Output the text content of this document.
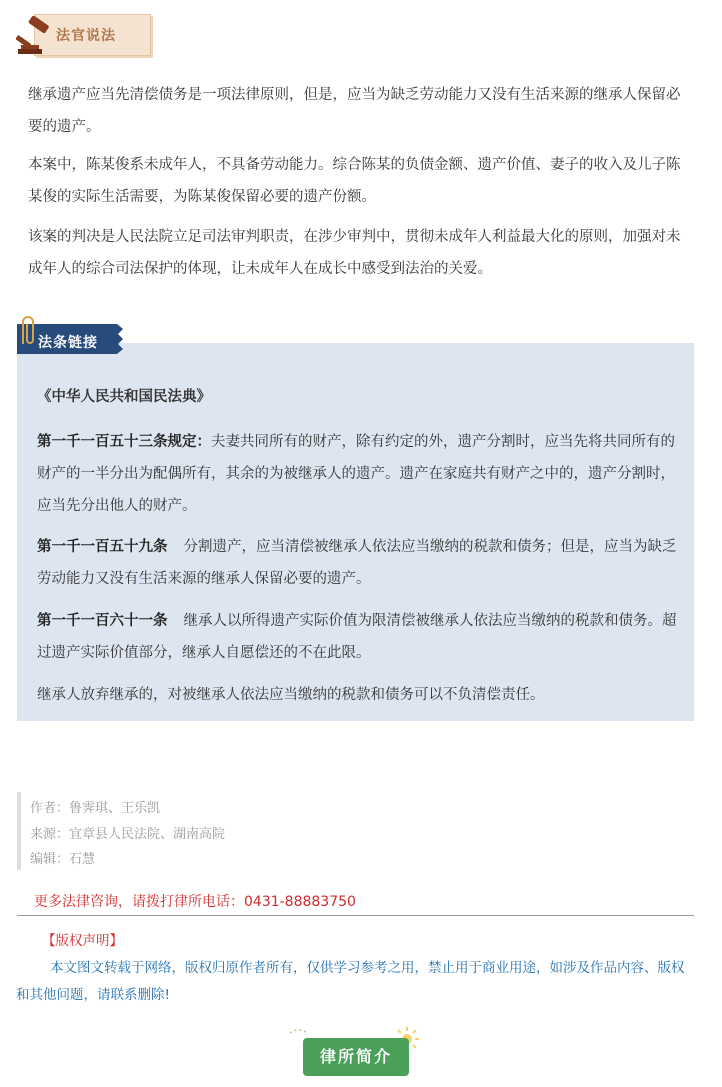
法官说法

继承遗产应当先清偿债务是一项法律原则，但是，应当为缺乏劳动能力又没有生活来源的继承人保留必要的遗产。

本案中，陈某俊系未成年人，不具备劳动能力。综合陈某的负债金额、遗产价值、妻子的收入及儿子陈某俊的实际生活需要，为陈某俊保留必要的遗产份额。

该案的判决是人民法院立足司法审判职责，在涉少审判中，贯彻未成年人利益最大化的原则，加强对未成年人的综合司法保护的体现，让未成年人在成长中感受到法治的关爱。

法条链接

《中华人民共和国民法典》

第一千一百五十三条规定：夫妻共同所有的财产，除有约定的外，遗产分割时，应当先将共同所有的财产的一半分出为配偶所有，其余的为被继承人的遗产。遗产在家庭共有财产之中的，遗产分割时，应当先分出他人的财产。

第一千一百五十九条 分割遗产，应当清偿被继承人依法应当缴纳的税款和债务；但是，应当为缺乏劳动能力又没有生活来源的继承人保留必要的遗产。

第一千一百六十一条 继承人以所得遗产实际价值为限清偿被继承人依法应当缴纳的税款和债务。超过遗产实际价值部分，继承人自愿偿还的不在此限。

继承人放弃继承的，对被继承人依法应当缴纳的税款和债务可以不负清偿责任。

作者：鲁霁琪、王乐凯
来源：宜章县人民法院、湖南高院
编辑：石慧
更多法律咨询，请拨打律所电话：0431-88883750
【版权声明】

本文图文转载于网络，版权归原作者所有，仅供学习参考之用，禁止用于商业用途，如涉及作品内容、版权和其他问题，请联系删除!

律所简介
